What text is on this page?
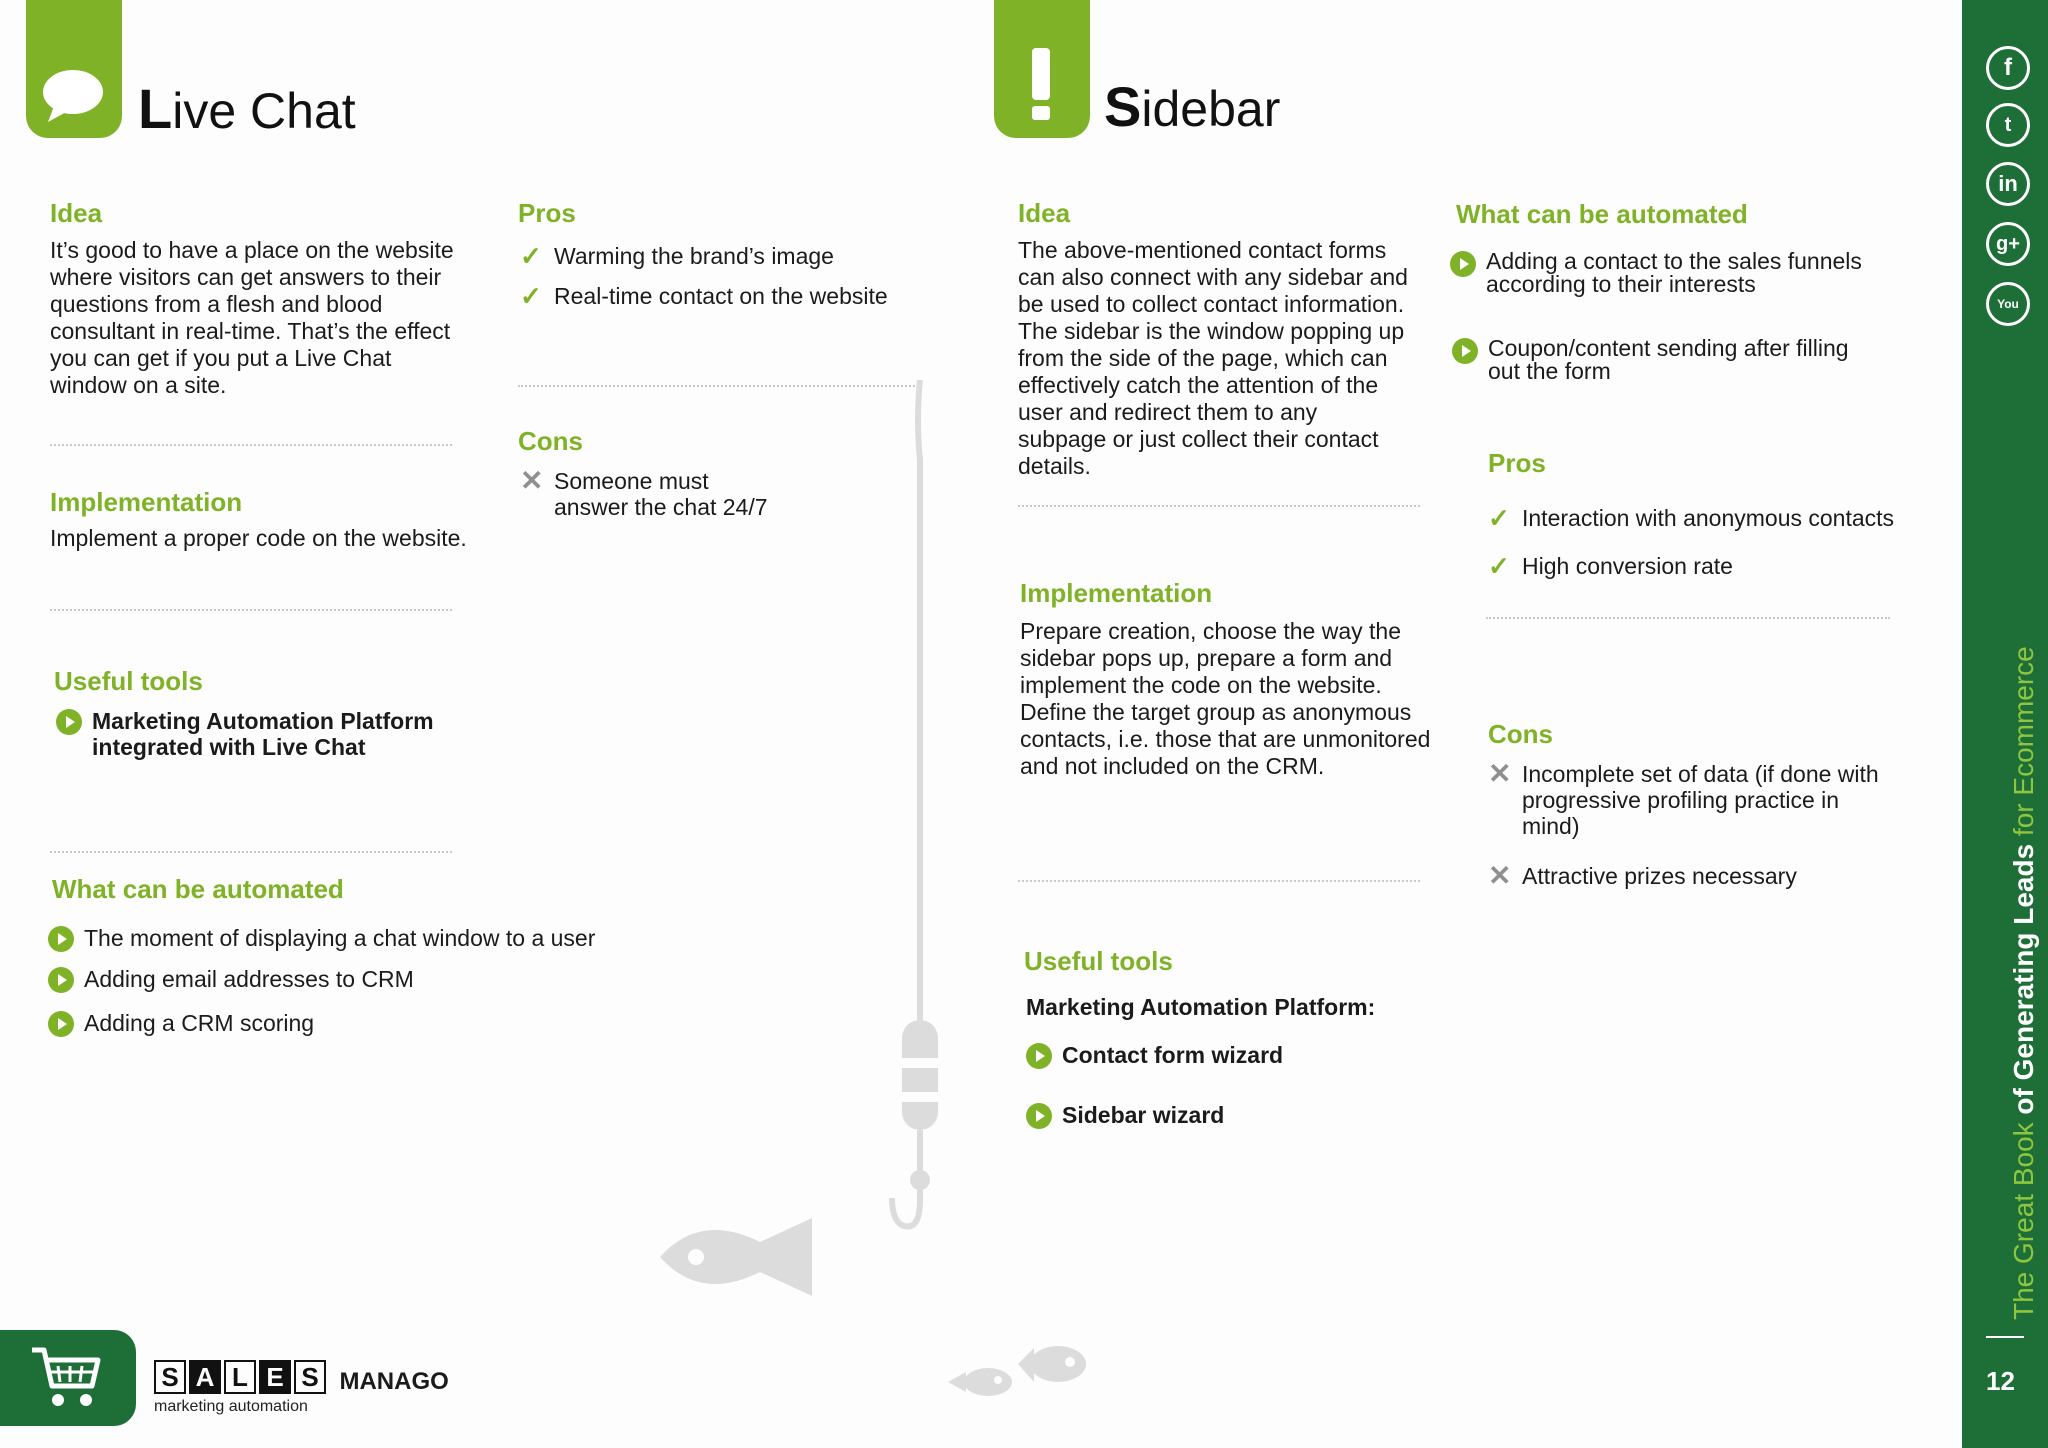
Live Chat
Idea
It’s good to have a place on the website where visitors can get answers to their questions from a flesh and blood consultant in real-time. That’s the effect you can get if you put a Live Chat window on a site.
Implementation
Implement a proper code on the website.
Useful tools
Marketing Automation Platform integrated with Live Chat
What can be automated
The moment of displaying a chat window to a user
Adding email addresses to CRM
Adding a CRM scoring
Pros
✓ Warming the brand’s image
✓ Real-time contact on the website
Cons
✕ Someone must answer the chat 24/7
Sidebar
Idea
The above-mentioned contact forms can also connect with any sidebar and be used to collect contact information. The sidebar is the window popping up from the side of the page, which can effectively catch the attention of the user and redirect them to any subpage or just collect their contact details.
Implementation
Prepare creation, choose the way the sidebar pops up, prepare a form and implement the code on the website. Define the target group as anonymous contacts, i.e. those that are unmonitored and not included on the CRM.
Useful tools
Marketing Automation Platform:
Contact form wizard
Sidebar wizard
What can be automated
Adding a contact to the sales funnels according to their interests
Coupon/content sending after filling out the form
Pros
✓ Interaction with anonymous contacts
✓ High conversion rate
Cons
✕ Incomplete set of data (if done with progressive profiling practice in mind)
✕ Attractive prizes necessary
S A L E S MANAGO
marketing automation
f
t
in
g+
You
The Great Book of Generating Leads for Ecommerce
12
